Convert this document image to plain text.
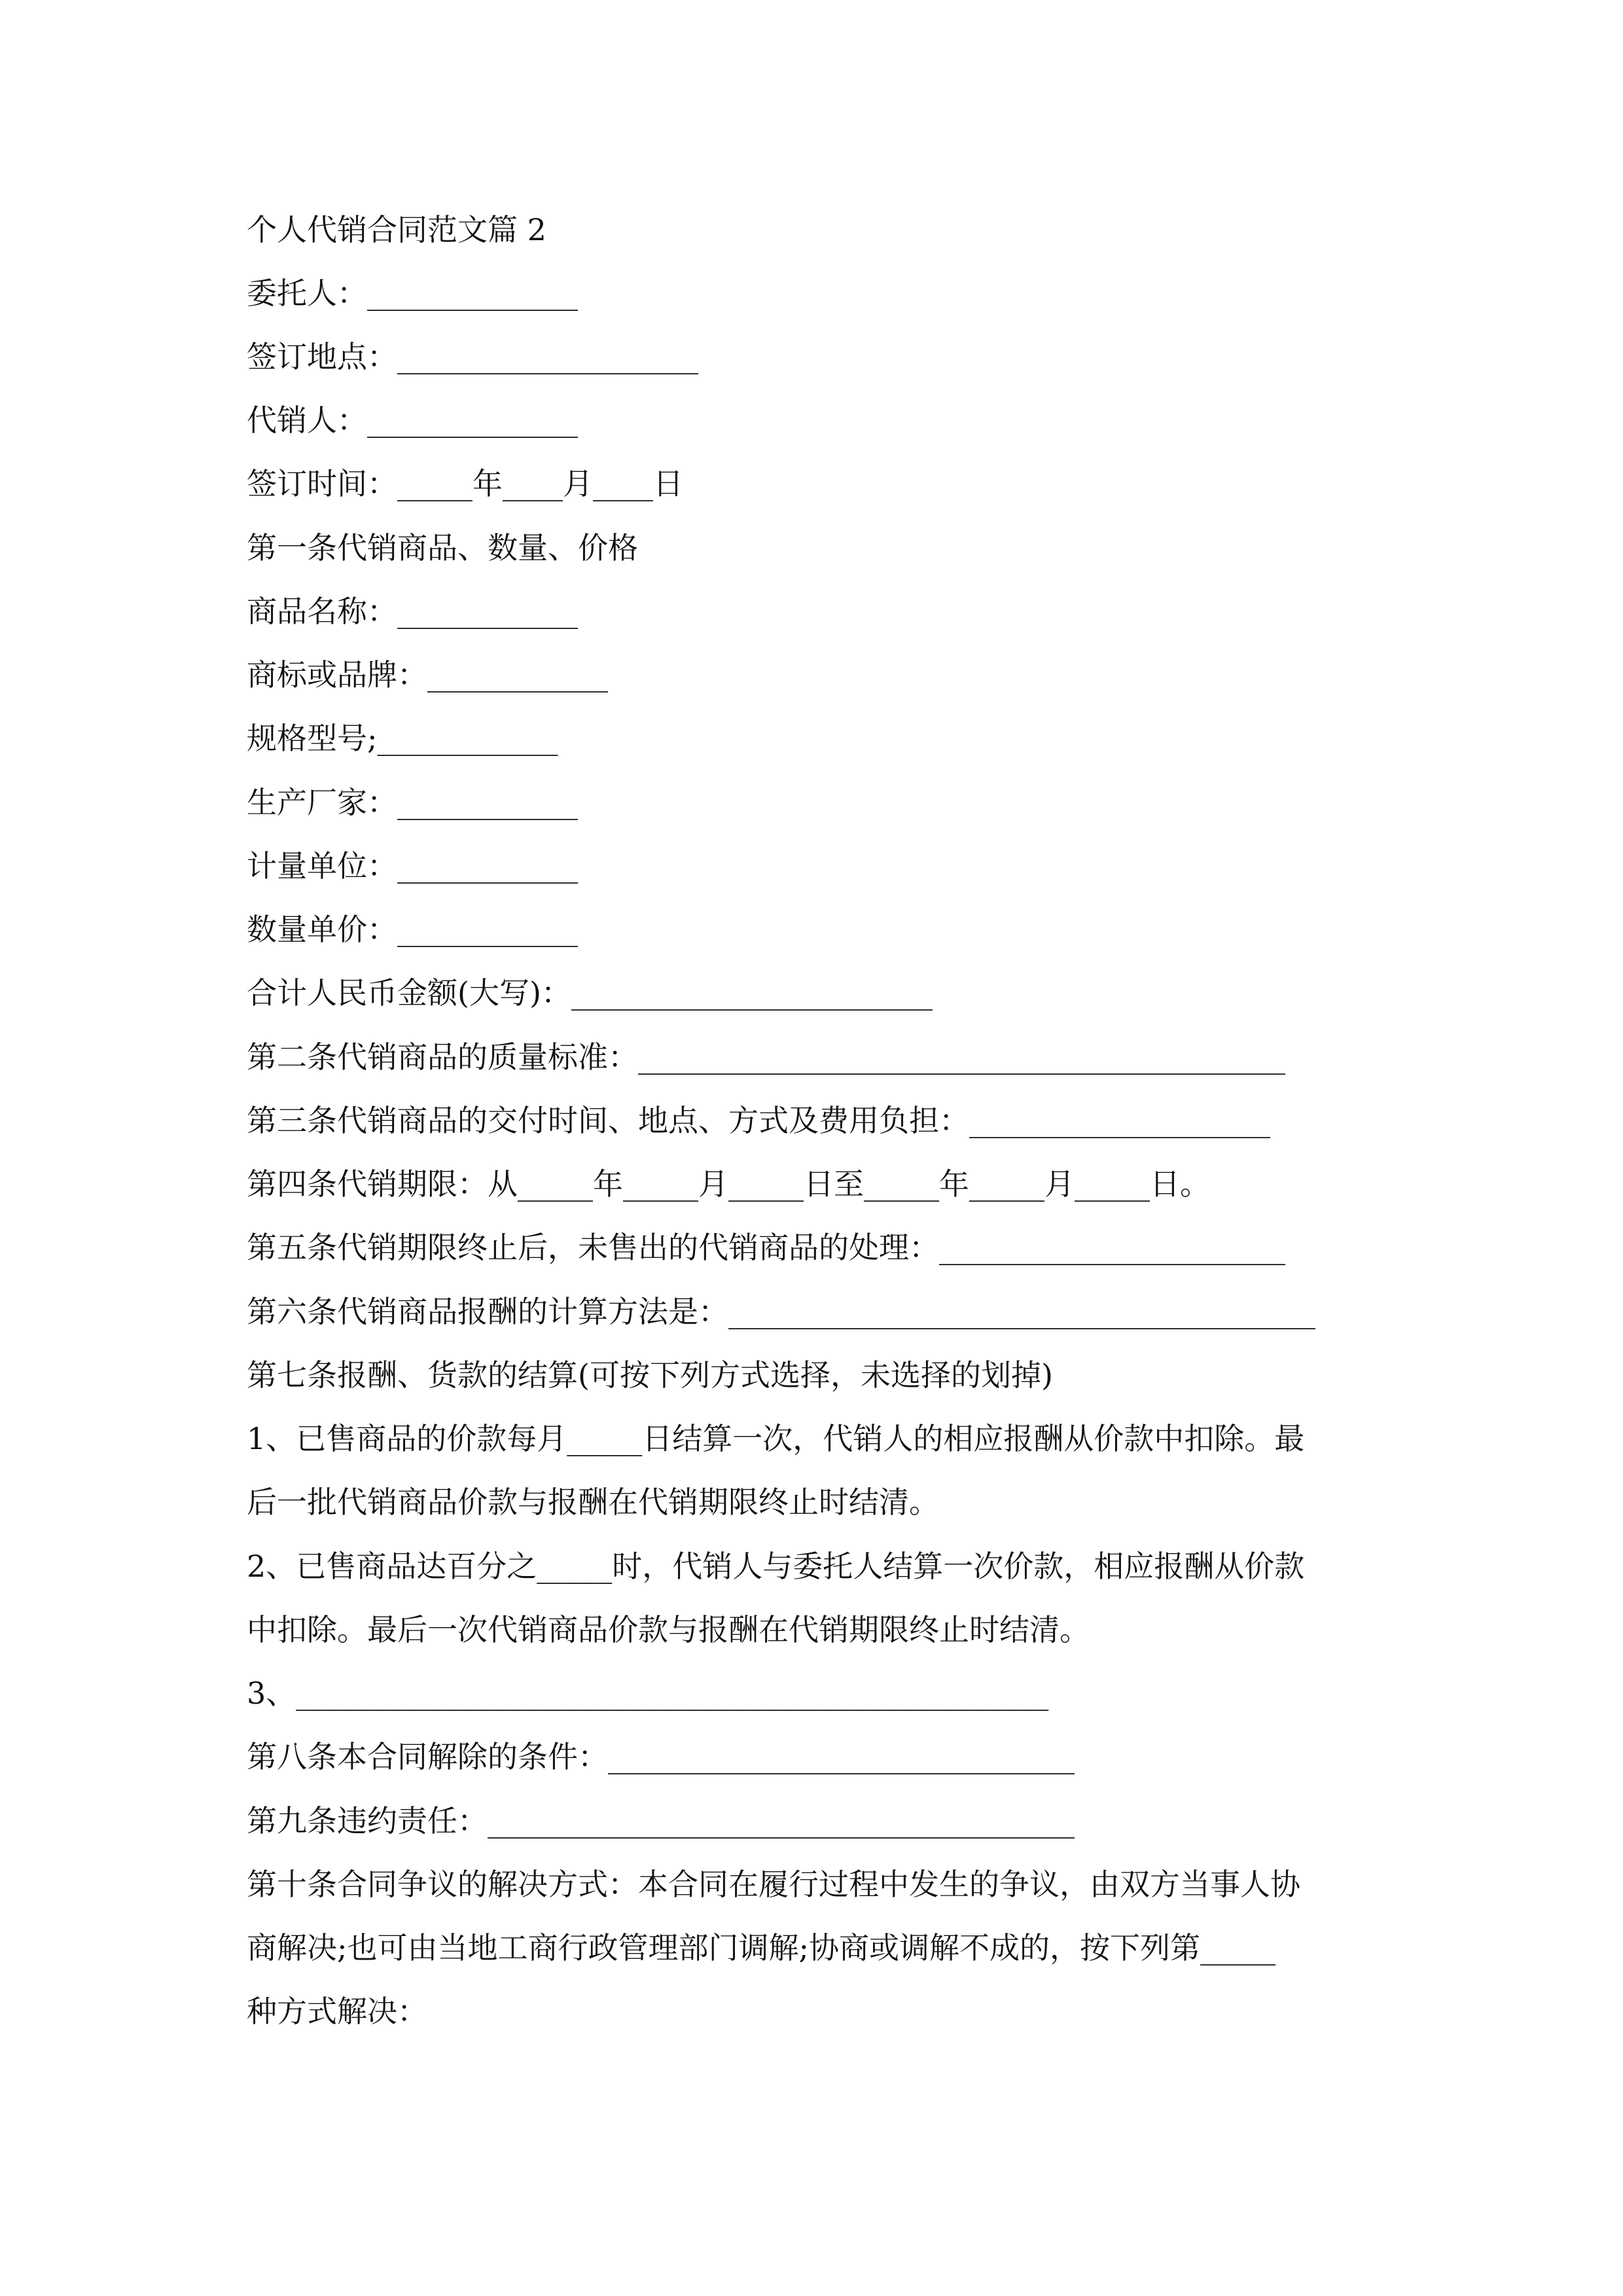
个人代销合同范文篇 2
委托人：______________
签订地点：____________________
代销人：______________
签订时间：_____年____月____日
第一条代销商品、数量、价格
商品名称：____________
商标或品牌：____________
规格型号;____________
生产厂家：____________
计量单位：____________
数量单价：____________
合计人民币金额(大写)：________________________
第二条代销商品的质量标准：___________________________________________
第三条代销商品的交付时间、地点、方式及费用负担：____________________
第四条代销期限：从_____年_____月_____日至_____年_____月_____日。
第五条代销期限终止后，未售出的代销商品的处理：_______________________
第六条代销商品报酬的计算方法是：_______________________________________
第七条报酬、货款的结算(可按下列方式选择，未选择的划掉)
1、已售商品的价款每月_____日结算一次，代销人的相应报酬从价款中扣除。最
后一批代销商品价款与报酬在代销期限终止时结清。
2、已售商品达百分之_____时，代销人与委托人结算一次价款，相应报酬从价款
中扣除。最后一次代销商品价款与报酬在代销期限终止时结清。
3、__________________________________________________
第八条本合同解除的条件：_______________________________
第九条违约责任：_______________________________________
第十条合同争议的解决方式：本合同在履行过程中发生的争议，由双方当事人协
商解决;也可由当地工商行政管理部门调解;协商或调解不成的，按下列第_____
种方式解决：
